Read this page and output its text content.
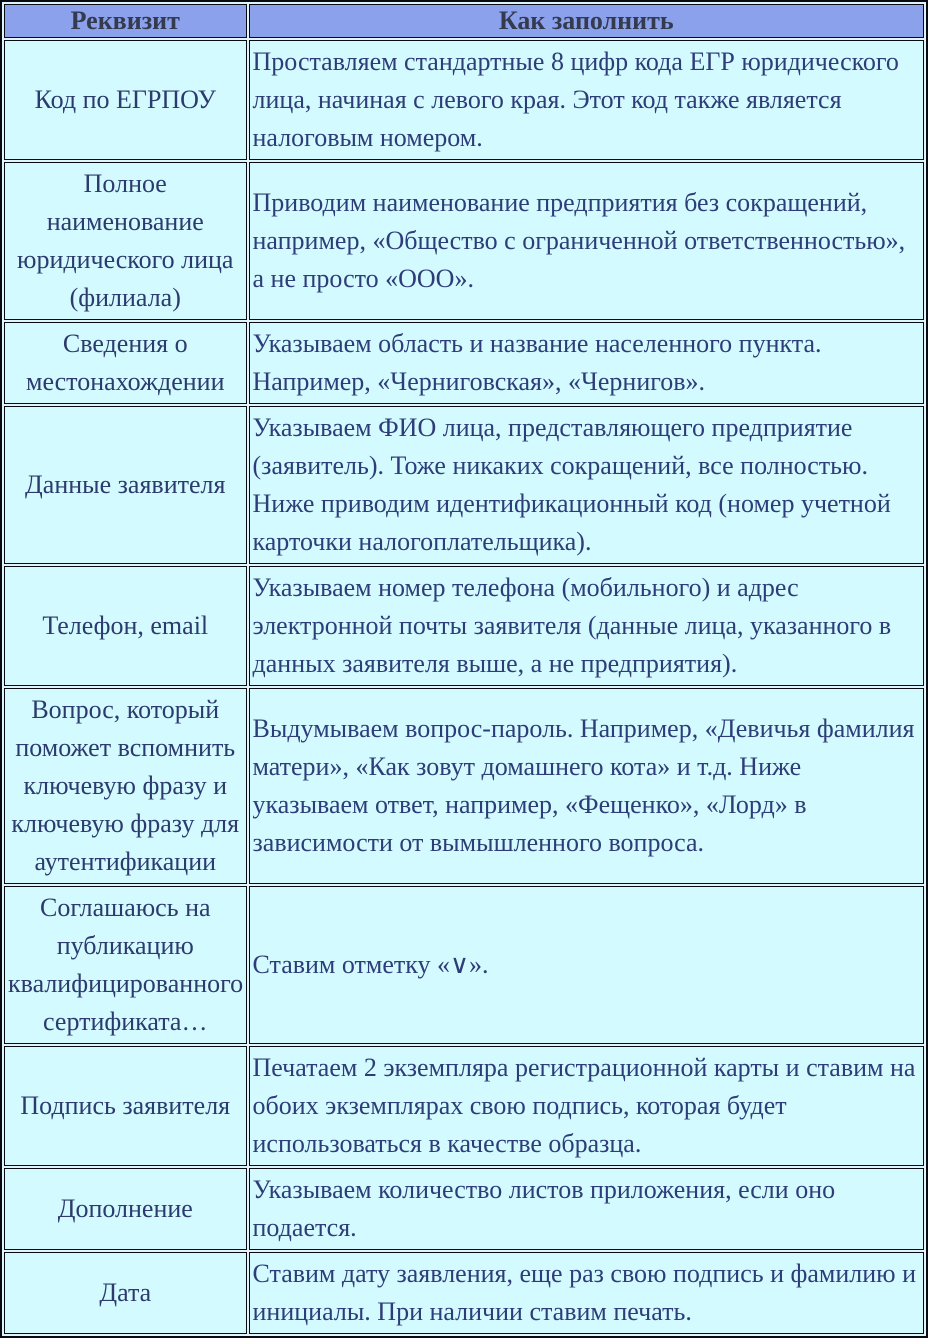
Реквизит	Как заполнить
Код по ЕГРПОУ	Проставляем стандартные 8 цифр кода ЕГР юридического лица, начиная с левого края. Этот код также является налоговым номером.
Полное наименование юридического лица (филиала)	Приводим наименование предприятия без сокращений, например, «Общество с ограниченной ответственностью», а не просто «ООО».
Сведения о местонахождении	Указываем область и название населенного пункта. Например, «Черниговская», «Чернигов».
Данные заявителя	Указываем ФИО лица, представляющего предприятие (заявитель). Тоже никаких сокращений, все полностью. Ниже приводим идентификационный код (номер учетной карточки налогоплательщика).
Телефон, email	Указываем номер телефона (мобильного) и адрес электронной почты заявителя (данные лица, указанного в данных заявителя выше, а не предприятия).
Вопрос, который поможет вспомнить ключевую фразу и ключевую фразу для аутентификации	Выдумываем вопрос-пароль. Например, «Девичья фамилия матери», «Как зовут домашнего кота» и т.д. Ниже указываем ответ, например, «Фещенко», «Лорд» в зависимости от вымышленного вопроса.
Соглашаюсь на публикацию квалифицированного сертификата…	Ставим отметку «∨».
Подпись заявителя	Печатаем 2 экземпляра регистрационной карты и ставим на обоих экземплярах свою подпись, которая будет использоваться в качестве образца.
Дополнение	Указываем количество листов приложения, если оно подается.
Дата	Ставим дату заявления, еще раз свою подпись и фамилию и инициалы. При наличии ставим печать.
